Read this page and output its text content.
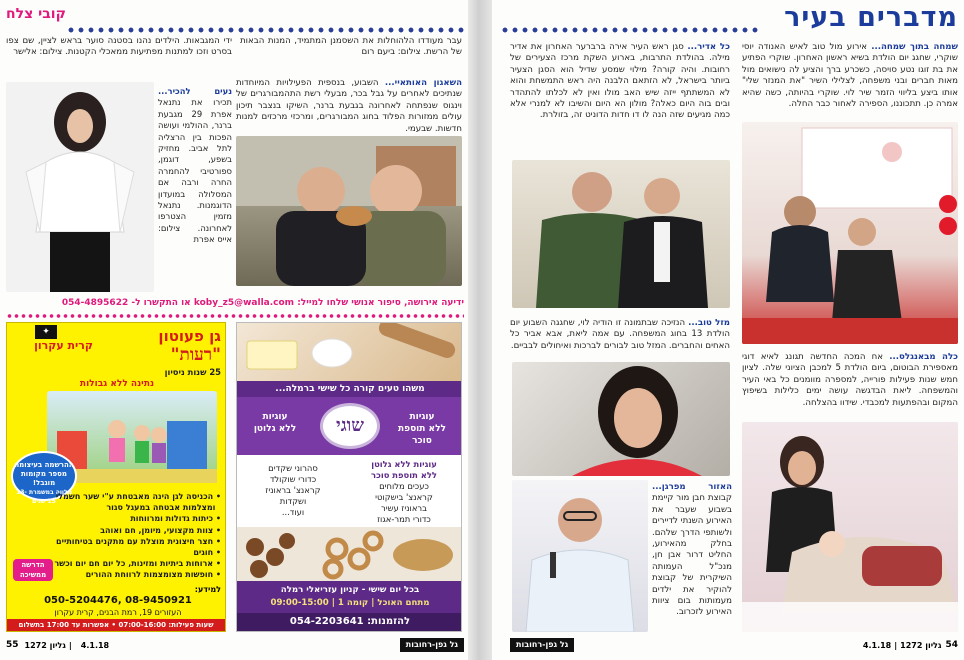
קובי צלח
עבר מעודדו הלהוחלות את השסמנן המתמיד, המנות הבאות של הרשת. צילום: ביעם רום
ידי המגבאות. הילדים נהנו בסטנה סוער בראש לציין, שם צפו בסרט וזכו למתנות מפתיעות ממאכלי הקטנות. צילום: אלישר
השאגון האותאיי... השבוע, בנספית הפעילויות המיוחדות שנתיכים לאחרים על גבל בכר, מבעלי רשת התהמבורגרים של וינגוס שנפתחה לאחרונה בגבעת ברנר, השיקו בנצבר תיכון עולים ממזורות הפלוד בחוג המבורגרים, ומרכזי מרכזים למנות חדשות. שבעמי.
נעים להכיר... תכירו את נתנאל אפרת 29 מגבעת ברנר, ההולמי ועושה הפכות בין הרצליה לתל אביב. מחזיק בשפע, דוגמן, ספורטיבי להחמרה החרה ורבה אם המסלולה במועדון הדוגמנות. נתנאל מזמין הצטרפו לאחרונה. צילום: אייס אפרת
ידיעה אירושה, סיפור אנושי שלחו למייל: koby_z5@walla.com או התקשרו ל- 054-4895622
משהו טעים קורה כל שישי ברמלה...
עוגיות
ללא גלוטן	שוגי	עוגיות
ללא תוספת סוכר
עוגיות ללא גלוטן
ללא תוספת סוכר
כעכים מלוחים
קראנצ' בישקוטי
בראוניז עשיר
כדורי תמר-אגוז
סהרוני שקדים
כדורי שוקולד
קראנצ' בראוניז
ושקדות
ועוד...
בכל יום שישי - קניון עזריאלי רמלה
מתחם האוכל | קומה 1 | 09:00-15:00
להזמנות: 054-2203641
גן פעוטון
"רעות"
25 שנות ניסיון
קרית עקרון
✦
נתינה ללא גבולות
ההרשמה בעיצומה
מספר מקומות מוגבל!
מלווה במשמרת 13-15 שנים
• הכניסה לגן הינה מאבטחת ע"י שער חשמלי
ומצלמות אבטחה במעגל סגור
• כיתות גדולות ומרווחות
• צוות מקצועי, מיומן, חם ואוהב
• חצר חיצונית מוצלת עם מתקנים בטיחותיים
• חוגים
• ארוחות ביתיות ומזינות, כל יום חם יום וכשר
• חופשות מצומצמות לרווחת ההורים
הדרשה ממשיכה
למידע:
050-5204476, 08-9450921
העזורים 19, רמת הבנים, קרית עקרון
שעות פעילות: 07:00-16:00 • אפשרות עד 17:00 בתשלום
גל גפן-רחובות
4.1.18
|
גליון 1272
55
מדברים בעיר
שמחה בתוך שמחה... אירוע מול טוב לאיש האנודה יוסי שוקרי, שחגג יום הולדת בשיא ראשון האחרון. שוקרי הפתיע את בת זוגו נטע סויסה, כשכרע ברך והציע לה נישואים מול מאות חברים ובני משפחה, לצלילי השיר "את המנזר שלי" אותו ביצע בליווי הזמר שיר לוי. שוקרי בהיותה, כשה שהיא אמרה כן. תתכוננו, הספירה לאחור כבר החלה.
כלה מבאנגלס... אח המכה החדשה תגונג לאיא דוגי מאספירת הבוטום, ביום הולדת 5 למכבן הציוני שלה. לציון חמש שנות פעילות פורייה, למספרה מוומנים כל באי העיר והמשפחה. ליאת הבדגשה עושה ימים כלילות בשיפוץ המקום ובהפתעות למכבדי. שידוו בהצלחה.
כל אדיר... סגן ראש העיר אירה ברברער האחרון את אדיר מילה. בהולדת התרבות, בארוע השקת מרכז הצעירים של רחובות. והיה קורה? מילוי שמסע שדיל הוא הסגן הצעיר ביותר בישראל, לא הזתאם הלבנה היה ראש התמשחת והוא לא המשתתף ייזה שיש האב מולו ואין לא לכלתו להתהדר ובים בוה היום כאלה? מולון הא היום והשיבו לא למנרי אלא כמה מגיעים שזה הנה לו דו חדות הדוניט זה, בזולרת.
מזל טוב... הנזיכה שבתמונה זו הודיה לוי, שחגגה השבוע יום הולדת 13 בחוג המשפחה. עם אמה ליאת, אבא אביר כל האחים והחברים. המזל טוב לבורים לברכות ואיחולים לבביים.
האזור מפרגן... קבוצת חבן מור קיימת בשבוע שעבר את האירוע השנתי לדיירים ולשותפי הדרך שלהם. בחלק מהאירוע, החליט דרור אבן חן, מנכ"ל העמותה השיקרית של קבוצת להוקיר את ילדים מעמותות בום ציוות האירוע לזכרוב.
54
גליון 1272
|
4.1.18
גל גפן-רחובות
